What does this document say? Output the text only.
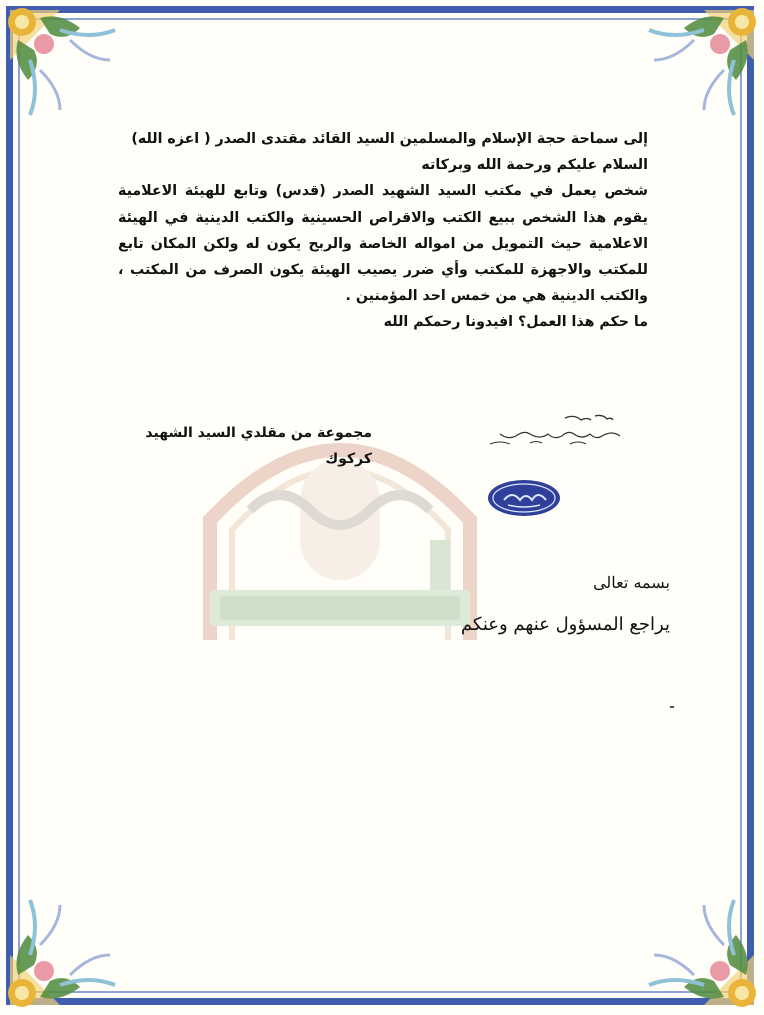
إلى سماحة حجة الإسلام والمسلمين السيد القائد مقتدى الصدر ( اعزه الله)

السلام عليكم ورحمة الله وبركاته

شخص يعمل في مكتب السيد الشهيد الصدر (قدس) وتابع للهيئة الاعلامية يقوم هذا الشخص ببيع الكتب والاقراص الحسينية والكتب الدينية في الهيئة الاعلامية حيث التمويل من امواله الخاصة والربح يكون له ولكن المكان تابع للمكتب والاجهزة للمكتب وأي ضرر يصيب الهيئة يكون الصرف من المكتب ، والكتب الدينية هي من خمس احد المؤمنين .

ما حكم هذا العمل؟ افيدونا رحمكم الله

مجموعة من مقلدي السيد الشهيد

كركوك

بسمه تعالى
يراجع المسؤول عنهم وعنكم
